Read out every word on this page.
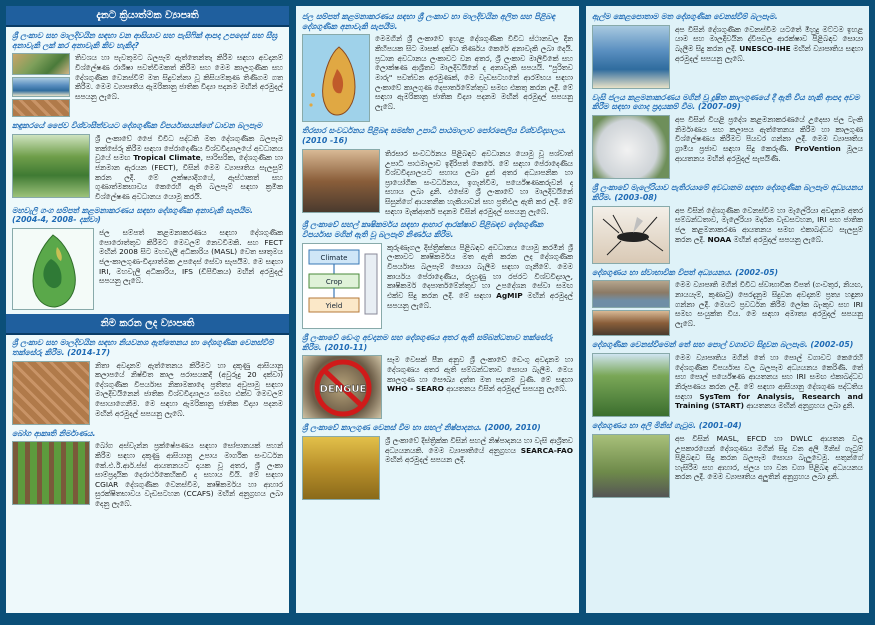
දැනට ක්‍රියාත්මක ව්‍යාපෘති
ශ්‍රී ලංකාව සහ මාලදිවයින සඳහා වන ආසියාව සහ පැසිෆික් ආපදා උපදෙස් සහ සීඝ්‍ර අනාවැකි ලක් කර අනාවැකි කිව හැකිද?
තිවශය හා පැවතුමට බලපෑම් ඇත්තෙන්තැ කිරීම සඳහා අවදානම් විශ්ලේෂණ රාශිෂා පවත්වීමකත් කිරීම සහ මෙම කාලගුණික සහ දේශගුණික වෙනස්වීම් මත සිදුවන්නා වූ කිසියම්කුණ තිණිගම ගත කිරීම. මෙම ව්‍යාපෘතිය ඇමරිකානු ජාතික විද්‍යා පදනම මඟින් අරමුදල් සපයනු ලැබේ.
කඳුකරයේ ජෛව විශ්වාසීත්වයට දේශගුණික විපර්යාසයන්ගේ ධාවන බලපෑම
ශ්‍රී ලංකාවේ ජෛ විවිධ පද්ධති මත දේශගුණික බලපෑම තක්සේරු කිරීම සඳහා පේරාදෙණිය විශ්වවිද්‍යාලයේ අවධානය වුයේ සමඟ Tropical Climate, පාරිසරික, දේශගුණික හා ජනමාන ඇරයන (FECT), විසින් මෙම ව්‍යාපෘතිය සැලසුම් කරන ලදී. මේ ලක්ෂ්‍යාදිගයේ, ඇස්ථාකත් සහ ගුණාත්මකභාවය කෙරෙහි ඇති බලපෑම් සඳහා ක්‍රමික විශ්ලේෂණ අවධානය යොමු කරයි.
මහවැලි ගංග සම්පත් කළමනාකරණය සඳහා දේශගුණික අනාවැකි සැපයීම. (2004-4, 2008- දක්වා)
ජල සම්පත් කළමනාකරණය සඳහා දේශගුණික පොරොත්තුව කිරීමට මෙවලම් නෙවවීමකි. සහ FECT මඟින් 2008 සිට මහවැලි අධිකාරිය (MASL) වෙත සෘතුමය ජල-කාලගුණ-විද්‍යාත්මක උපදෙස් සේවා සැපයීම. මෙ සඳහා IRI, මහවැලි අධිකාරිය, IFS (ඩීපිවිකය) මඟින් අරමුදල් සපයනු ලැබේ.
නිම කරන ලද ව්‍යාපෘති
ශ්‍රී ලංකාව සහ මාලදිවයින සඳහා නියවනශ ඇත්තෙනය හා දේශගුණික වෙනස්වීම් තක්සේරු කිරීම. (2014-17)
නිතා අවදානම් ඇත්තෙනය කිරීමට හා දකුණු ආසියානු කලාපයේ නිෂ්චිත කාල පරාසයකදී (අවුරුදු 20 දක්වා) දේශගුණික විපර්යාස නිකාමකාදෙ ප්‍රතිත්‍ය අවුපාමු සඳහා මාලදිවයිනෙන් ජාතික විශ්වවිද්‍යාලය සමඟ එක්ව මෙවලම් සොයාගෙනීම. මෙ සඳහා ඇමරිකානු ජාතික විද්‍යා පදනම මඟින් අරමුදල් සපයනු ලැබේ.
බෝග ආකෘති නිර්මාණය.
බෝග අස්වැන්න ප්‍රක්ෂේපණය සඳහා සෝපානයක් පහන් කිරීම සඳහා දකුණු ආසියානු උපාය මාර්ගික සංවර්ධන කේ.එ.ඊ.ආර්.ස්ස් ආයතනයට දායක වූ අතර, ශ්‍රී ලංකා සාම්ප්‍රදායික දෙරාර්ථකෙහිකවී ද සහාය වියි. මේ සඳහා CGIAR දේශගුණික වෙනස්වීම, කෘෂිකර්මය හා ආහාර සුරක්ෂිතභාවය වැඩසටහන (CCAFS) මඟින් අනුග්‍රහය ලබා දෙනු ලැබේ.
ජල සම්පත් කළමනාකරණය සඳහා ශ්‍රී ලංකාව හා මාලදිවයින අලිත සහ පිළිබඳ දේශගුණික අනාවැකි සැපයීම.
මෙමගින් ශ්‍රී ලංකාවේ ඉහළ දේශගුණික විවිධ ස්ථානවල දින කිහිපයක සිට මාසක් දක්වා තිර්ණය කෙරේ අනාවැකි ලබා දෙයි. ප්‍රධාන අවධානය ලංකාවට වන අතර, ශ්‍රී ලංකාව මාලිවිකේ සහ ලොක්ෂණ ආශ්‍රිතව මාලදිවයිනේ ද අනාවැකි සපයයි. "පුරිතව මාරු" පවත්වන අරමුණක්, මෙ වැඩසටහනේ ආරම්භය සඳහා ලංකාවේ කාලගුණ දෙපාර්තමේන්තුව සමඟ එකතු කරන ලදී. මේ සඳහා ඇමරිකානු ජාතික විද්‍යා පදනම මඟින් අරමුදල් සපයනු ලැබේ.
තිරසාර සංවර්ධනය පිළිබඳ සමස්ත උපාධි පාඨමාලාව පෝරපෙලිය විශ්වවිද්‍යාලය. (2010 -16)
තිරසාර සංවර්ධනය පිළිබඳව අවධානය යොමු වූ පශ්චාත් උපාධි පාඨමාලාව ඉදිරිපත් කෙරේ. මේ සඳහා පේරාදෙණිය විශ්වවිද්‍යාලයට සහාය ලබා දුන් අතර අධ්‍යාපනික හා ප්‍රායෝගික සංවර්ධනය, ඉගැන්වීම, පර්යේෂණකරුවන් ද සහාය ලබා දුනි. එසේම ශ්‍රී ලංකාවේ හා මාලදිවයිනේ සිසුන්ගේ ආයතනික හැකියාවන් සහ ප්‍රතිඵල ඇති කර ලදී. මේ සඳහා මැක්ආතර් පදනම විසින් අරමුදල් සපයනු ලැබේ.
ශ්‍රී ලංකාවේ සහල් කෘෂිකර්මය සඳහා ආහාර ආරක්ෂාව පිළිබඳව දේශගුණික විපර්යාස මගින් ඇති වූ බලපෑම් නිර්ණය කිරීම.
Climate
Crop
Yield
කුරුණෑගල දිස්ත්‍රික්කය පිළිබඳව අවධානය යොමු කරමින් ශ්‍රී ලංකාවට කෘෂිකර්මය මත ඇති කරන ලද දේශගුණික විපර්යාස බලපෑම් සොයා බැලීම සඳහා ගැනීමේ. මෙම කාර්යය පේරාදෙණිය, රුහුණු හා රජරට විශ්වවිද්‍යාල, කෘෂිකර්ම දෙපාර්තමේන්තුව හා උපදේශන සේවා සමඟ එක්ව සිදු කරන ලදී. මේ සඳහා AgMIP මඟින් අරමුදල් සපයනු ලැබේ.
ශ්‍රී ලංකාවේ ඩෙංගු අවදානම සහ දේශගුණය අතර ඇති සම්බන්ධතාව තක්සේරු කිරීම. (2010-11)
DENGUE
සෑම වෙසක් පීන අනුව ශ්‍රී ලංකාවේ ඩෙංගු අවදානම හා දේශගුණය අතර ඇති සම්බන්ධතාව සොයා බැලීම. මෙය කාලගුණ හා සෞඛ්‍ය දත්ත මත පදනම් වුණි. මේ සඳහා WHO - SEARO ආයතනය විසින් අරමුදල් සපයනු ලැබේ.
ශ්‍රී ලංකාවේ කාලගුණ වෙනස් වීම හා සහල් නිෂ්පාදනය. (2000, 2010)
ශ්‍රී ලංකාවේ දිස්ත්‍රික්ක විසින් සහල් නිෂ්පාදනය හා වැසි ආශ්‍රිතව අධ්‍යයනයකි. මෙම ව්‍යාපෘතියේ අනුග්‍රහය SEARCA-FAO මඟින් අරමුදල් සපයන ලදී.
ඇල්ම කෙළපොතාම මත දේශගුණික වෙනස්වීම් බලපෑම.
අප විසින් දේශගුණික වෙනස්වීම යටතේ මිහුදු මට්ටම ඉහළ යාම සහ මාලදිවයින ද්වීපවල ආරක්ෂාව පිළිබඳව සොයා බැලීම සිදු කරන ලදී. UNESCO-IHE මඟින් ව්‍යාපෘතිය සඳහා අරමුදල් සපයනු ලැබේ.
වැසි ජලය කළමනාකරණය මගින් වූ දූෂිත කාලගුණයේ දී ඇති වීය හැකි ආපදා අවම කිරීම සඳහා ගොද ප්‍රදායකම් වීම. (2007-09)
අප විසින් වියළි ප්‍රදේශ කළමනාකරණයේ උදෙසා ජල ටැංකි නිර්මාණය සහ කලාපය ඇත්තෙනය කිරීම හා කාලගුණ විශ්ලේෂණය කිරීමට පියවර ගන්නා ලදී. මෙම ව්‍යාපෘතිය ග්‍රාමීය ප්‍රජාව සඳහා සිදු කෙරුණි. ProVention මූලය ආයතනය මඟින් අරමුදල් සැපයිණි.
ශ්‍රී ලංකාවේ මැලේරියාව පැතිරයාමේ අවධානම සඳහා දේශගුණික බලපෑම අධ්‍යයනය කිරීම. (2003-08)
අප විසින් දේශගුණික වෙනස්වීම හා මැලේරියා අවදානම අතර සම්බන්ධතාව, මැලේරියා මර්දන වැඩසටහන, IRI සහ ජාතික ජල කළමනාකරණ ආයතනය සමඟ එකාබද්ධව සැලසුම් කරන ලදී. NOAA මඟින් අරමුදල් සපයනු ලැබේ.
දේශගුණය හා ස්වාභාවික විපත් අධ්‍යයනය. (2002-05)
මෙම ව්‍යාපෘති මගින් විවිධ ස්වාභාවික විපත් (ගංවතුර, නියඟ, නායයෑම්, කුණාටු) පෙරදැනුම සිදුවන අවදානම් ප්‍රත්‍ය හඳුනා ගන්නා ලදී. මෙයට ප්‍රවර්ධන කිරීම ලෝක බැංකුව සහ IRI සමඟ සංයුක්ත විය. මෙ සඳහා අමාත්‍ය අරමුදල් සපයනු ලැබේ.
දේශගුණික වෙනස්වීමෙන් තේ සහ පොල් වගාවට සිදුවන බලපෑම. (2002-05)
මෙම ව්‍යාපෘතිය මගින් තේ හා පොල් වගාවට කෙරෙහි දේශගුණික විපර්යාස වල බලපෑම අධ්‍යයනය කෙරිණි. තේ සහ පොල් පර්යේෂණ ආයතනය සහ IRI සමඟ එකාබද්ධව නිරූපණය කරන ලදී. මේ සඳහා ආසියානු දේශගුණ පද්ධතිය සඳහා SysTem for Analysis, Research and Training (START) ආයතනය මඟින් අනුග්‍රහය ලබා දුනි.
දේශගුණය හා අලි මිනිස් ගැටුම. (2001-04)
අප විසින් MASL, EFCD හා DWLC ආයතන වල උපකාරයෙන් දේශගුණය මගින් සිදු වන අලි මිනිස් ගැටුම් පිළිබඳව සිදු කරන බලපෑම සොයා බැලුවෙමු. සතුන්ගේ හැසිරීම සහ ආහාර, ජලය හා වන වගා පිළිබඳ අධ්‍යයනය කරන ලදී. මෙම ව්‍යාපෘතිය අලුතින් අනුග්‍රහය ලබා දුනි.
